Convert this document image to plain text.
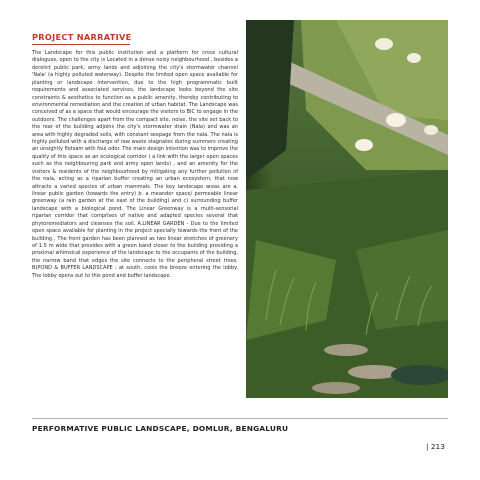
PROJECT NARRATIVE

The Landscape for this public institution and a platform for cross cultural dialogues, open to the city is Located in a dense noisy neighbourhood , besides a derelict public park, army lands and adjoining the city's stormwater channel 'Nala' (a highly polluted waterway). Despite the limited open space available for planting or landscape intervention, due to the high programmatic built requirements and associated services, the landscape looks beyond the site constraints & aesthetics to function as a public amenity, thereby contributing to environmental remediation and the creation of urban habitat. The Landscape was conceived of as a space that would encourage the visitors to BIC to engage in the outdoors. The challenges apart from the compact site, noise, the site set back to the rear of the building adjoins the city's stormwater drain (Nala) and was an area with highly degraded soils, with constant seepage from the nala. The nala is highly polluted with a discharge of raw waste stagnates during summers creating an unsightly flotsam with foul odor. The main design intention was to improve the quality of this space as an ecological corridor ( a link with the larger open spaces such as the neighbouring park and army open lands) , and an amenity for the visitors & residents of the neighbourhood by mitigating any further pollution of the nala, acting as a riparian buffer creating an urban ecosystem, that now attracts a varied species of urban mammals. The key landscape areas are a. linear public garden (towards the entry) b. a meander space/ permeable linear greenway (a rain garden at the east of the building) and c) surrounding buffer landscape with a biological pond. The Linear Greenway is a multi-sensorial riparian corridor that comprises of native and adapted species several that phytoremediators and cleanses the soil. A.LINEAR GARDEN - Due to the limited open space available for planting in the project specially towards the front of the building , The front garden has been planned as two linear stretches of greenery of 1.5 m wide that provides with a green band closer to the building providing a proximal whimsical experience of the landscape to the occupants of the building, the narrow band that edges the site connects to the peripheral street trees. B)POND & BUFFER LANDSCAPE : at south, cools the breeze entering the lobby. The lobby opens out to this pond and buffer landscape.

PERFORMATIVE PUBLIC LANDSCAPE, DOMLUR, BENGALURU
| 213
